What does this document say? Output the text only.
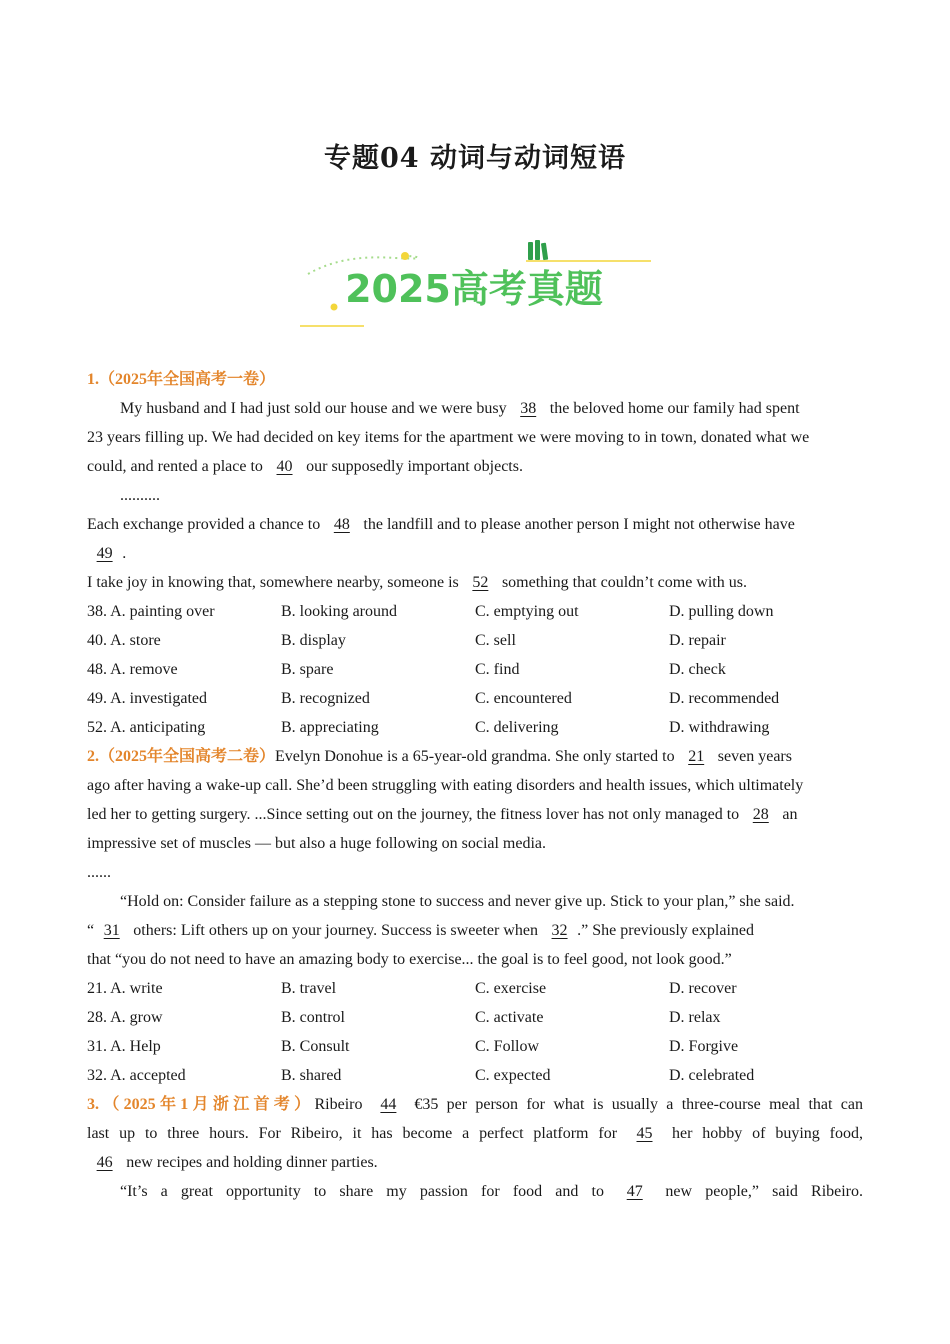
专题04 动词与动词短语
2025高考真题
1.（2025年全国高考一卷）
My husband and I had just sold our house and we were busy 38 the beloved home our family had spent
23 years filling up. We had decided on key items for the apartment we were moving to in town, donated what we
could, and rented a place to 40 our supposedly important objects.
..........
Each exchange provided a chance to 48 the landfill and to please another person I might not otherwise have
49 .
I take joy in knowing that, somewhere nearby, someone is 52 something that couldn’t come with us.
38. A. painting over	B. looking around	C. emptying out	D. pulling down
40. A. store	B. display	C. sell	D. repair
48. A. remove	B. spare	C. find	D. check
49. A. investigated	B. recognized	C. encountered	D. recommended
52. A. anticipating	B. appreciating	C. delivering	D. withdrawing
2.（2025年全国高考二卷）Evelyn Donohue is a 65-year-old grandma. She only started to 21 seven years
ago after having a wake-up call. She’d been struggling with eating disorders and health issues, which ultimately
led her to getting surgery. ...Since setting out on the journey, the fitness lover has not only managed to 28 an
impressive set of muscles — but also a huge following on social media.
......
“Hold on: Consider failure as a stepping stone to success and never give up. Stick to your plan,” she said.
“ 31 others: Lift others up on your journey. Success is sweeter when 32 .” She previously explained
that “you do not need to have an amazing body to exercise... the goal is to feel good, not look good.”
21. A. write	B. travel	C. exercise	D. recover
28. A. grow	B. control	C. activate	D. relax
31. A. Help	B. Consult	C. Follow	D. Forgive
32. A. accepted	B. shared	C. expected	D. celebrated
3.（2025年1月浙江首考）Ribeiro 44 €35 per person for what is usually a three-course meal that can
last up to three hours. For Ribeiro, it has become a perfect platform for 45 her hobby of buying food,
46 new recipes and holding dinner parties.
“It’s a great opportunity to share my passion for food and to 47 new people,” said Ribeiro.
